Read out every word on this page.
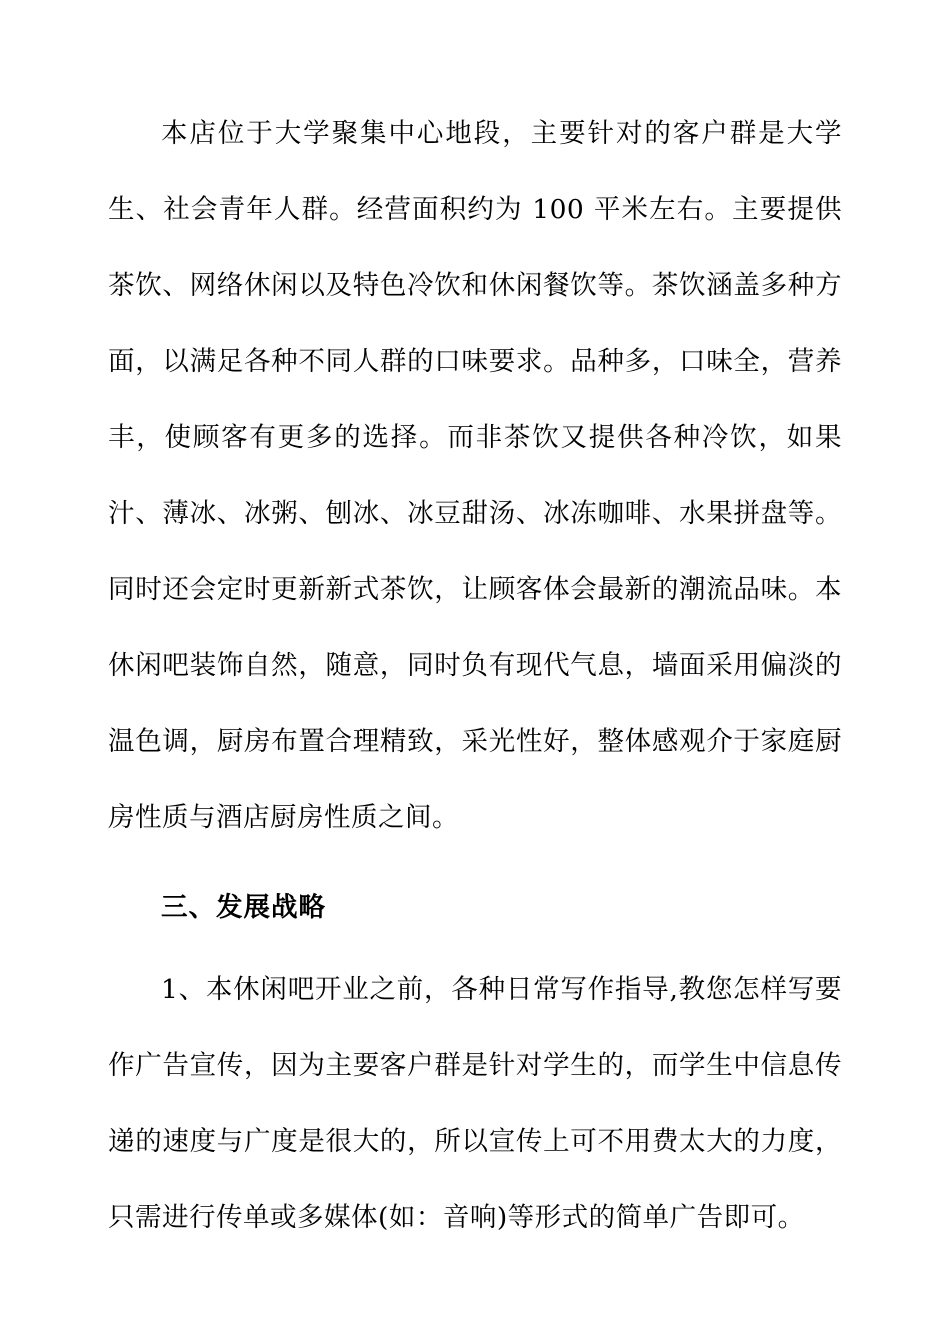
本店位于大学聚集中心地段，主要针对的客户群是大学生、社会青年人群。经营面积约为 100 平米左右。主要提供茶饮、网络休闲以及特色冷饮和休闲餐饮等。茶饮涵盖多种方面，以满足各种不同人群的口味要求。品种多，口味全，营养丰，使顾客有更多的选择。而非茶饮又提供各种冷饮，如果汁、薄冰、冰粥、刨冰、冰豆甜汤、冰冻咖啡、水果拼盘等。同时还会定时更新新式茶饮，让顾客体会最新的潮流品味。本休闲吧装饰自然，随意，同时负有现代气息，墙面采用偏淡的温色调，厨房布置合理精致，采光性好，整体感观介于家庭厨房性质与酒店厨房性质之间。

三、发展战略

1、本休闲吧开业之前，各种日常写作指导,教您怎样写要作广告宣传，因为主要客户群是针对学生的，而学生中信息传递的速度与广度是很大的，所以宣传上可不用费太大的力度，只需进行传单或多媒体(如：音响)等形式的简单广告即可。
